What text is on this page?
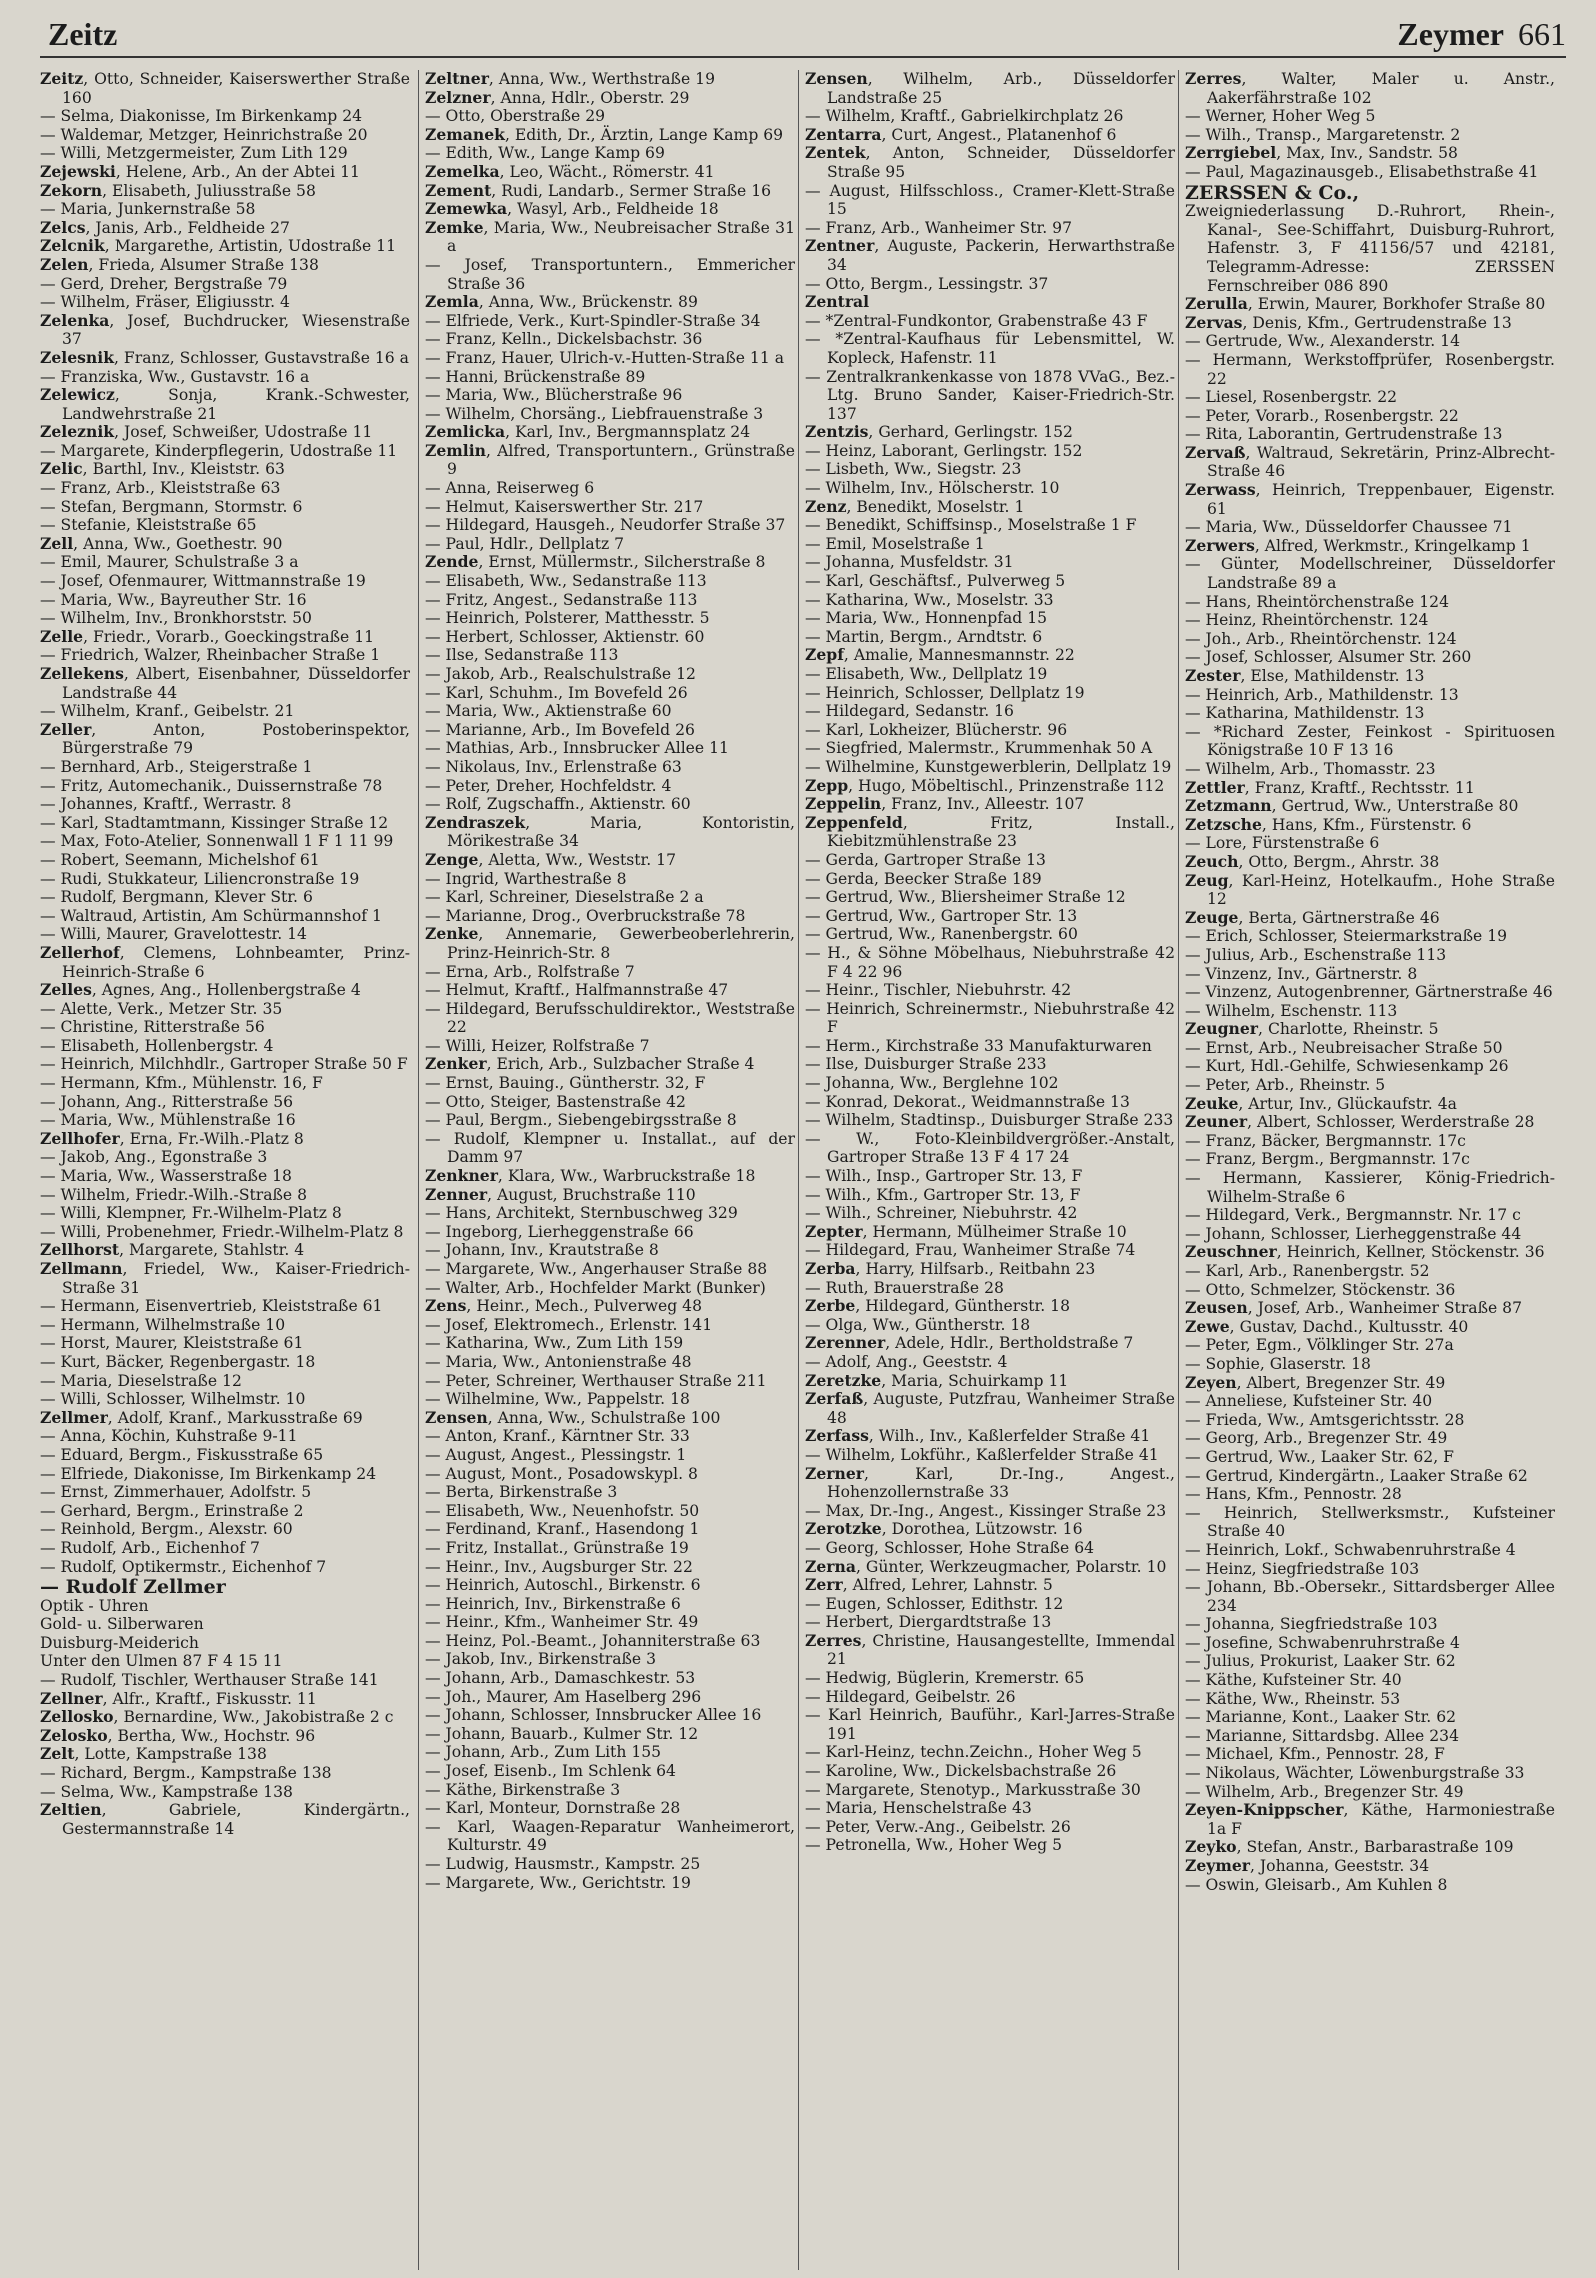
Zeitz	Zeymer 661

Zeitz, Otto, Schneider, Kaiserswerther Straße 160

— Selma, Diakonisse, Im Birkenkamp 24

— Waldemar, Metzger, Heinrichstraße 20

— Willi, Metzgermeister, Zum Lith 129

Zejewski, Helene, Arb., An der Abtei 11

Zekorn, Elisabeth, Juliusstraße 58

— Maria, Junkernstraße 58

Zelcs, Janis, Arb., Feldheide 27

Zelcnik, Margarethe, Artistin, Udostraße 11

Zelen, Frieda, Alsumer Straße 138

— Gerd, Dreher, Bergstraße 79

— Wilhelm, Fräser, Eligiusstr. 4

Zelenka, Josef, Buchdrucker, Wiesenstraße 37

Zelesnik, Franz, Schlosser, Gustavstraße 16 a

— Franziska, Ww., Gustavstr. 16 a

Zelewicz, Sonja, Krank.-Schwester, Landwehrstraße 21

Zeleznik, Josef, Schweißer, Udostraße 11

— Margarete, Kinderpflegerin, Udostraße 11

Zelic, Barthl, Inv., Kleiststr. 63

— Franz, Arb., Kleiststraße 63

— Stefan, Bergmann, Stormstr. 6

— Stefanie, Kleiststraße 65

Zell, Anna, Ww., Goethestr. 90

— Emil, Maurer, Schulstraße 3 a

— Josef, Ofenmaurer, Wittmannstraße 19

— Maria, Ww., Bayreuther Str. 16

— Wilhelm, Inv., Bronkhorststr. 50

Zelle, Friedr., Vorarb., Goeckingstraße 11

— Friedrich, Walzer, Rheinbacher Straße 1

Zellekens, Albert, Eisenbahner, Düsseldorfer Landstraße 44

— Wilhelm, Kranf., Geibelstr. 21

Zeller, Anton, Postoberinspektor, Bürgerstraße 79

— Bernhard, Arb., Steigerstraße 1

— Fritz, Automechanik., Duissernstraße 78

— Johannes, Kraftf., Werrastr. 8

— Karl, Stadtamtmann, Kissinger Straße 12

— Max, Foto-Atelier, Sonnenwall 1 F 1 11 99

— Robert, Seemann, Michelshof 61

— Rudi, Stukkateur, Liliencronstraße 19

— Rudolf, Bergmann, Klever Str. 6

— Waltraud, Artistin, Am Schürmannshof 1

— Willi, Maurer, Gravelottestr. 14

Zellerhof, Clemens, Lohnbeamter, Prinz-Heinrich-Straße 6

Zelles, Agnes, Ang., Hollenbergstraße 4

— Alette, Verk., Metzer Str. 35

— Christine, Ritterstraße 56

— Elisabeth, Hollenbergstr. 4

— Heinrich, Milchhdlr., Gartroper Straße 50 F

— Hermann, Kfm., Mühlenstr. 16, F

— Johann, Ang., Ritterstraße 56

— Maria, Ww., Mühlenstraße 16

Zellhofer, Erna, Fr.-Wilh.-Platz 8

— Jakob, Ang., Egonstraße 3

— Maria, Ww., Wasserstraße 18

— Wilhelm, Friedr.-Wilh.-Straße 8

— Willi, Klempner, Fr.-Wilhelm-Platz 8

— Willi, Probenehmer, Friedr.-Wilhelm-Platz 8

Zellhorst, Margarete, Stahlstr. 4

Zellmann, Friedel, Ww., Kaiser-Friedrich-Straße 31

— Hermann, Eisenvertrieb, Kleiststraße 61

— Hermann, Wilhelmstraße 10

— Horst, Maurer, Kleiststraße 61

— Kurt, Bäcker, Regenbergastr. 18

— Maria, Dieselstraße 12

— Willi, Schlosser, Wilhelmstr. 10

Zellmer, Adolf, Kranf., Markusstraße 69

— Anna, Köchin, Kuhstraße 9-11

— Eduard, Bergm., Fiskusstraße 65

— Elfriede, Diakonisse, Im Birkenkamp 24

— Ernst, Zimmerhauer, Adolfstr. 5

— Gerhard, Bergm., Erinstraße 2

— Reinhold, Bergm., Alexstr. 60

— Rudolf, Arb., Eichenhof 7

— Rudolf, Optikermstr., Eichenhof 7

— Rudolf Zellmer

Optik - Uhren

Gold- u. Silberwaren

Duisburg-Meiderich

Unter den Ulmen 87 F 4 15 11

— Rudolf, Tischler, Werthauser Straße 141

Zellner, Alfr., Kraftf., Fiskusstr. 11

Zellosko, Bernardine, Ww., Jakobistraße 2 c

Zelosko, Bertha, Ww., Hochstr. 96

Zelt, Lotte, Kampstraße 138

— Richard, Bergm., Kampstraße 138

— Selma, Ww., Kampstraße 138

Zeltien, Gabriele, Kindergärtn., Gestermannstraße 14

Zeltner, Anna, Ww., Werthstraße 19

Zelzner, Anna, Hdlr., Oberstr. 29

— Otto, Oberstraße 29

Zemanek, Edith, Dr., Ärztin, Lange Kamp 69

— Edith, Ww., Lange Kamp 69

Zemelka, Leo, Wächt., Römerstr. 41

Zement, Rudi, Landarb., Sermer Straße 16

Zemewka, Wasyl, Arb., Feldheide 18

Zemke, Maria, Ww., Neubreisacher Straße 31 a

— Josef, Transportuntern., Emmericher Straße 36

Zemla, Anna, Ww., Brückenstr. 89

— Elfriede, Verk., Kurt-Spindler-Straße 34

— Franz, Kelln., Dickelsbachstr. 36

— Franz, Hauer, Ulrich-v.-Hutten-Straße 11 a

— Hanni, Brückenstraße 89

— Maria, Ww., Blücherstraße 96

— Wilhelm, Chorsäng., Liebfrauenstraße 3

Zemlicka, Karl, Inv., Bergmannsplatz 24

Zemlin, Alfred, Transportuntern., Grünstraße 9

— Anna, Reiserweg 6

— Helmut, Kaiserswerther Str. 217

— Hildegard, Hausgeh., Neudorfer Straße 37

— Paul, Hdlr., Dellplatz 7

Zende, Ernst, Müllermstr., Silcherstraße 8

— Elisabeth, Ww., Sedanstraße 113

— Fritz, Angest., Sedanstraße 113

— Heinrich, Polsterer, Matthesstr. 5

— Herbert, Schlosser, Aktienstr. 60

— Ilse, Sedanstraße 113

— Jakob, Arb., Realschulstraße 12

— Karl, Schuhm., Im Bovefeld 26

— Maria, Ww., Aktienstraße 60

— Marianne, Arb., Im Bovefeld 26

— Mathias, Arb., Innsbrucker Allee 11

— Nikolaus, Inv., Erlenstraße 63

— Peter, Dreher, Hochfeldstr. 4

— Rolf, Zugschaffn., Aktienstr. 60

Zendraszek, Maria, Kontoristin, Mörikestraße 34

Zenge, Aletta, Ww., Weststr. 17

— Ingrid, Warthestraße 8

— Karl, Schreiner, Dieselstraße 2 a

— Marianne, Drog., Overbruckstraße 78

Zenke, Annemarie, Gewerbeoberlehrerin, Prinz-Heinrich-Str. 8

— Erna, Arb., Rolfstraße 7

— Helmut, Kraftf., Halfmannstraße 47

— Hildegard, Berufsschuldirektor., Weststraße 22

— Willi, Heizer, Rolfstraße 7

Zenker, Erich, Arb., Sulzbacher Straße 4

— Ernst, Bauing., Güntherstr. 32, F

— Otto, Steiger, Bastenstraße 42

— Paul, Bergm., Siebengebirgsstraße 8

— Rudolf, Klempner u. Installat., auf der Damm 97

Zenkner, Klara, Ww., Warbruckstraße 18

Zenner, August, Bruchstraße 110

— Hans, Architekt, Sternbuschweg 329

— Ingeborg, Lierheggenstraße 66

— Johann, Inv., Krautstraße 8

— Margarete, Ww., Angerhauser Straße 88

— Walter, Arb., Hochfelder Markt (Bunker)

Zens, Heinr., Mech., Pulverweg 48

— Josef, Elektromech., Erlenstr. 141

— Katharina, Ww., Zum Lith 159

— Maria, Ww., Antonienstraße 48

— Peter, Schreiner, Werthauser Straße 211

— Wilhelmine, Ww., Pappelstr. 18

Zensen, Anna, Ww., Schulstraße 100

— Anton, Kranf., Kärntner Str. 33

— August, Angest., Plessingstr. 1

— August, Mont., Posadowskypl. 8

— Berta, Birkenstraße 3

— Elisabeth, Ww., Neuenhofstr. 50

— Ferdinand, Kranf., Hasendong 1

— Fritz, Installat., Grünstraße 19

— Heinr., Inv., Augsburger Str. 22

— Heinrich, Autoschl., Birkenstr. 6

— Heinrich, Inv., Birkenstraße 6

— Heinr., Kfm., Wanheimer Str. 49

— Heinz, Pol.-Beamt., Johanniterstraße 63

— Jakob, Inv., Birkenstraße 3

— Johann, Arb., Damaschkestr. 53

— Joh., Maurer, Am Haselberg 296

— Johann, Schlosser, Innsbrucker Allee 16

— Johann, Bauarb., Kulmer Str. 12

— Johann, Arb., Zum Lith 155

— Josef, Eisenb., Im Schlenk 64

— Käthe, Birkenstraße 3

— Karl, Monteur, Dornstraße 28

— Karl, Waagen-Reparatur Wanheimerort, Kulturstr. 49

— Ludwig, Hausmstr., Kampstr. 25

— Margarete, Ww., Gerichtstr. 19

Zensen, Wilhelm, Arb., Düsseldorfer Landstraße 25

— Wilhelm, Kraftf., Gabrielkirchplatz 26

Zentarra, Curt, Angest., Platanenhof 6

Zentek, Anton, Schneider, Düsseldorfer Straße 95

— August, Hilfsschloss., Cramer-Klett-Straße 15

— Franz, Arb., Wanheimer Str. 97

Zentner, Auguste, Packerin, Herwarthstraße 34

— Otto, Bergm., Lessingstr. 37

Zentral

— *Zentral-Fundkontor, Grabenstraße 43 F

— *Zentral-Kaufhaus für Lebensmittel, W. Kopleck, Hafenstr. 11

— Zentralkrankenkasse von 1878 VVaG., Bez.-Ltg. Bruno Sander, Kaiser-Friedrich-Str. 137

Zentzis, Gerhard, Gerlingstr. 152

— Heinz, Laborant, Gerlingstr. 152

— Lisbeth, Ww., Siegstr. 23

— Wilhelm, Inv., Hölscherstr. 10

Zenz, Benedikt, Moselstr. 1

— Benedikt, Schiffsinsp., Moselstraße 1 F

— Emil, Moselstraße 1

— Johanna, Musfeldstr. 31

— Karl, Geschäftsf., Pulverweg 5

— Katharina, Ww., Moselstr. 33

— Maria, Ww., Honnenpfad 15

— Martin, Bergm., Arndtstr. 6

Zepf, Amalie, Mannesmannstr. 22

— Elisabeth, Ww., Dellplatz 19

— Heinrich, Schlosser, Dellplatz 19

— Hildegard, Sedanstr. 16

— Karl, Lokheizer, Blücherstr. 96

— Siegfried, Malermstr., Krummenhak 50 A

— Wilhelmine, Kunstgewerblerin, Dellplatz 19

Zepp, Hugo, Möbeltischl., Prinzenstraße 112

Zeppelin, Franz, Inv., Alleestr. 107

Zeppenfeld, Fritz, Install., Kiebitzmühlenstraße 23

— Gerda, Gartroper Straße 13

— Gerda, Beecker Straße 189

— Gertrud, Ww., Bliersheimer Straße 12

— Gertrud, Ww., Gartroper Str. 13

— Gertrud, Ww., Ranenbergstr. 60

— H., & Söhne Möbelhaus, Niebuhrstraße 42 F 4 22 96

— Heinr., Tischler, Niebuhrstr. 42

— Heinrich, Schreinermstr., Niebuhrstraße 42 F

— Herm., Kirchstraße 33 Manufakturwaren

— Ilse, Duisburger Straße 233

— Johanna, Ww., Berglehne 102

— Konrad, Dekorat., Weidmannstraße 13

— Wilhelm, Stadtinsp., Duisburger Straße 233

— W., Foto-Kleinbildvergrößer.-Anstalt, Gartroper Straße 13 F 4 17 24

— Wilh., Insp., Gartroper Str. 13, F

— Wilh., Kfm., Gartroper Str. 13, F

— Wilh., Schreiner, Niebuhrstr. 42

Zepter, Hermann, Mülheimer Straße 10

— Hildegard, Frau, Wanheimer Straße 74

Zerba, Harry, Hilfsarb., Reitbahn 23

— Ruth, Brauerstraße 28

Zerbe, Hildegard, Güntherstr. 18

— Olga, Ww., Güntherstr. 18

Zerenner, Adele, Hdlr., Bertholdstraße 7

— Adolf, Ang., Geeststr. 4

Zeretzke, Maria, Schuirkamp 11

Zerfaß, Auguste, Putzfrau, Wanheimer Straße 48

Zerfass, Wilh., Inv., Kaßlerfelder Straße 41

— Wilhelm, Lokführ., Kaßlerfelder Straße 41

Zerner, Karl, Dr.-Ing., Angest., Hohenzollernstraße 33

— Max, Dr.-Ing., Angest., Kissinger Straße 23

Zerotzke, Dorothea, Lützowstr. 16

— Georg, Schlosser, Hohe Straße 64

Zerna, Günter, Werkzeugmacher, Polarstr. 10

Zerr, Alfred, Lehrer, Lahnstr. 5

— Eugen, Schlosser, Edithstr. 12

— Herbert, Diergardtstraße 13

Zerres, Christine, Hausangestellte, Immendal 21

— Hedwig, Büglerin, Kremerstr. 65

— Hildegard, Geibelstr. 26

— Karl Heinrich, Bauführ., Karl-Jarres-Straße 191

— Karl-Heinz, techn.Zeichn., Hoher Weg 5

— Karoline, Ww., Dickelsbachstraße 26

— Margarete, Stenotyp., Markusstraße 30

— Maria, Henschelstraße 43

— Peter, Verw.-Ang., Geibelstr. 26

— Petronella, Ww., Hoher Weg 5

Zerres, Walter, Maler u. Anstr., Aakerfährstraße 102

— Werner, Hoher Weg 5

— Wilh., Transp., Margaretenstr. 2

Zerrgiebel, Max, Inv., Sandstr. 58

— Paul, Magazinausgeb., Elisabethstraße 41

ZERSSEN & Co.,

Zweigniederlassung D.-Ruhrort, Rhein-, Kanal-, See-Schiffahrt, Duisburg-Ruhrort, Hafenstr. 3, F 41156/57 und 42181, Telegramm-Adresse: ZERSSEN Fernschreiber 086 890

Zerulla, Erwin, Maurer, Borkhofer Straße 80

Zervas, Denis, Kfm., Gertrudenstraße 13

— Gertrude, Ww., Alexanderstr. 14

— Hermann, Werkstoffprüfer, Rosenbergstr. 22

— Liesel, Rosenbergstr. 22

— Peter, Vorarb., Rosenbergstr. 22

— Rita, Laborantin, Gertrudenstraße 13

Zervaß, Waltraud, Sekretärin, Prinz-Albrecht-Straße 46

Zerwass, Heinrich, Treppenbauer, Eigenstr. 61

— Maria, Ww., Düsseldorfer Chaussee 71

Zerwers, Alfred, Werkmstr., Kringelkamp 1

— Günter, Modellschreiner, Düsseldorfer Landstraße 89 a

— Hans, Rheintörchenstraße 124

— Heinz, Rheintörchenstr. 124

— Joh., Arb., Rheintörchenstr. 124

— Josef, Schlosser, Alsumer Str. 260

Zester, Else, Mathildenstr. 13

— Heinrich, Arb., Mathildenstr. 13

— Katharina, Mathildenstr. 13

— *Richard Zester, Feinkost - Spirituosen Königstraße 10 F 13 16

— Wilhelm, Arb., Thomasstr. 23

Zettler, Franz, Kraftf., Rechtsstr. 11

Zetzmann, Gertrud, Ww., Unterstraße 80

Zetzsche, Hans, Kfm., Fürstenstr. 6

— Lore, Fürstenstraße 6

Zeuch, Otto, Bergm., Ahrstr. 38

Zeug, Karl-Heinz, Hotelkaufm., Hohe Straße 12

Zeuge, Berta, Gärtnerstraße 46

— Erich, Schlosser, Steiermarkstraße 19

— Julius, Arb., Eschenstraße 113

— Vinzenz, Inv., Gärtnerstr. 8

— Vinzenz, Autogenbrenner, Gärtnerstraße 46

— Wilhelm, Eschenstr. 113

Zeugner, Charlotte, Rheinstr. 5

— Ernst, Arb., Neubreisacher Straße 50

— Kurt, Hdl.-Gehilfe, Schwiesenkamp 26

— Peter, Arb., Rheinstr. 5

Zeuke, Artur, Inv., Glückaufstr. 4a

Zeuner, Albert, Schlosser, Werderstraße 28

— Franz, Bäcker, Bergmannstr. 17c

— Franz, Bergm., Bergmannstr. 17c

— Hermann, Kassierer, König-Friedrich-Wilhelm-Straße 6

— Hildegard, Verk., Bergmannstr. Nr. 17 c

— Johann, Schlosser, Lierheggenstraße 44

Zeuschner, Heinrich, Kellner, Stöckenstr. 36

— Karl, Arb., Ranenbergstr. 52

— Otto, Schmelzer, Stöckenstr. 36

Zeusen, Josef, Arb., Wanheimer Straße 87

Zewe, Gustav, Dachd., Kultusstr. 40

— Peter, Egm., Völklinger Str. 27a

— Sophie, Glaserstr. 18

Zeyen, Albert, Bregenzer Str. 49

— Anneliese, Kufsteiner Str. 40

— Frieda, Ww., Amtsgerichtsstr. 28

— Georg, Arb., Bregenzer Str. 49

— Gertrud, Ww., Laaker Str. 62, F

— Gertrud, Kindergärtn., Laaker Straße 62

— Hans, Kfm., Pennostr. 28

— Heinrich, Stellwerksmstr., Kufsteiner Straße 40

— Heinrich, Lokf., Schwabenruhrstraße 4

— Heinz, Siegfriedstraße 103

— Johann, Bb.-Obersekr., Sittardsberger Allee 234

— Johanna, Siegfriedstraße 103

— Josefine, Schwabenruhrstraße 4

— Julius, Prokurist, Laaker Str. 62

— Käthe, Kufsteiner Str. 40

— Käthe, Ww., Rheinstr. 53

— Marianne, Kont., Laaker Str. 62

— Marianne, Sittardsbg. Allee 234

— Michael, Kfm., Pennostr. 28, F

— Nikolaus, Wächter, Löwenburgstraße 33

— Wilhelm, Arb., Bregenzer Str. 49

Zeyen-Knippscher, Käthe, Harmoniestraße 1a F

Zeyko, Stefan, Anstr., Barbarastraße 109

Zeymer, Johanna, Geeststr. 34

— Oswin, Gleisarb., Am Kuhlen 8
